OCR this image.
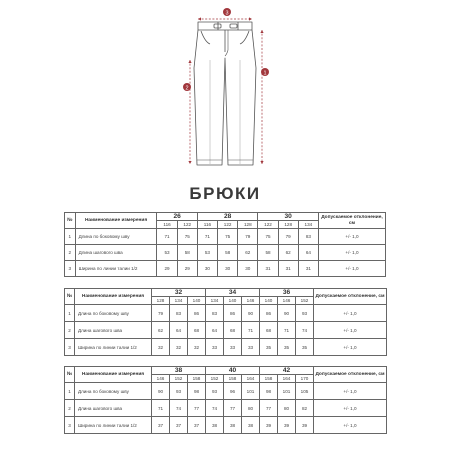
3
2
1
БРЮКИ
№	Наименование измерения	26		28			30			Допускаемое отклонение, см
		116	122	116	122	128	122	128	134	
1	Длина по боковому шву	71	75	71	75	79	75	79	83	+/- 1,0
2	Длина шагового шва	53	58	53	58	62	58	62	64	+/- 1,0
3	Ширина по линии талии 1/2	29	29	30	30	30	31	31	31	+/- 1,0
№	Наименование измерения	32			34			36			Допускаемое отклонение, см
		128	134	140	134	140	146	140	146	152	
1	Длина по боковому шву	79	83	86	83	86	90	86	90	93	+/- 1,0
2	Длина шагового шва	62	64	68	64	68	71	68	71	74	+/- 1,0
3	Ширина по линии талии 1/2	32	32	32	33	33	33	35	35	35	+/- 1,0
№	Наименование измерения	38			40			42			Допускаемое отклонение, см
		146	152	158	152	158	164	158	164	170	
1	Длина по боковому шву	90	93	98	93	96	101	98	101	105	+/- 1,0
2	Длина шагового шва	71	74	77	74	77	80	77	80	82	+/- 1,0
3	Ширина по линии талии 1/2	37	37	37	38	38	38	39	39	39	+/- 1,0
